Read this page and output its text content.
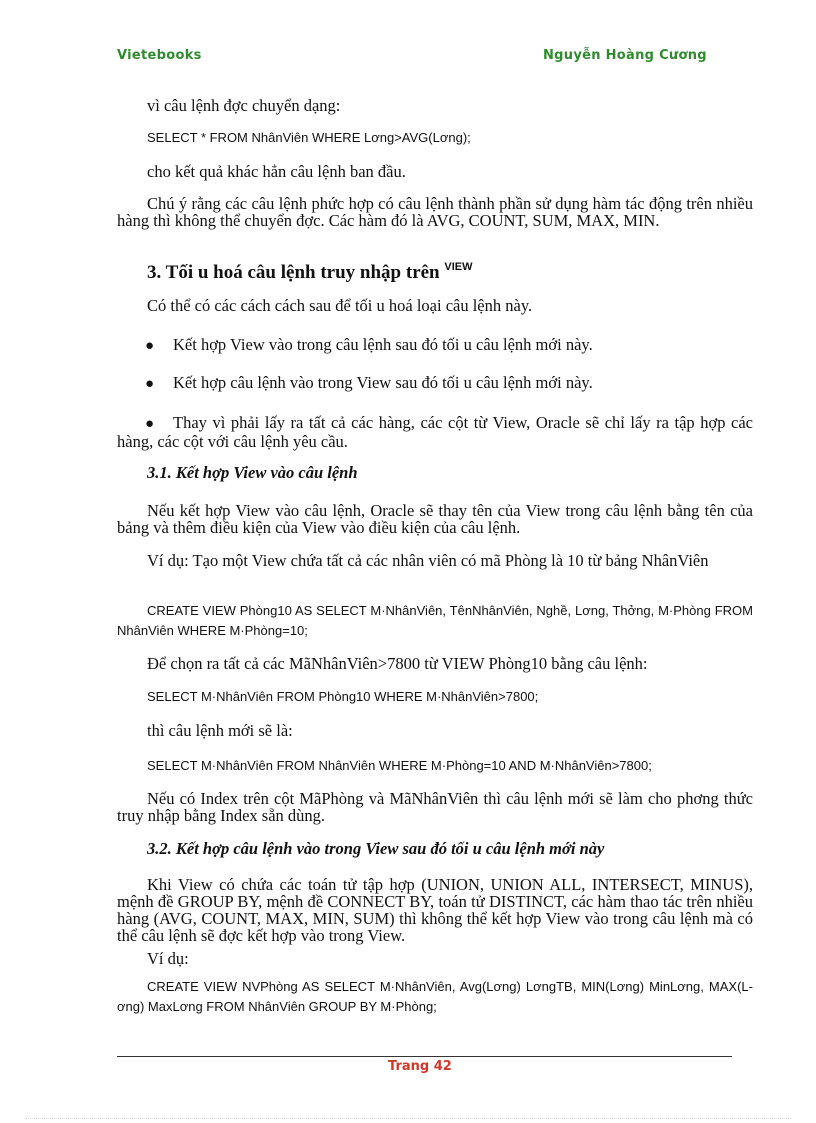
Vietebooks	Nguyễn Hoàng Cương
vì câu lệnh đợc chuyển dạng:
SELECT * FROM NhânViên WHERE Lơng>AVG(Lơng);
cho kết quả khác hẳn câu lệnh ban đầu.
Chú ý rằng các câu lệnh phức hợp có câu lệnh thành phần sử dụng hàm tác động trên nhiều hàng thì không thể chuyển đợc. Các hàm đó là AVG, COUNT, SUM, MAX, MIN.
3. Tối u hoá câu lệnh truy nhập trên $^{VIEW}$
Có thể có các cách cách sau để tối u hoá loại câu lệnh này.
● Kết hợp View vào trong câu lệnh sau đó tối u câu lệnh mới này.
● Kết hợp câu lệnh vào trong View sau đó tối u câu lệnh mới này.
● Thay vì phải lấy ra tất cả các hàng, các cột từ View, Oracle sẽ chỉ lấy ra tập hợp các hàng, các cột với câu lệnh yêu cầu.
3.1. Kết hợp View vào câu lệnh
Nếu kết hợp View vào câu lệnh, Oracle sẽ thay tên của View trong câu lệnh bằng tên của bảng và thêm điều kiện của View vào điều kiện của câu lệnh.
Ví dụ: Tạo một View chứa tất cả các nhân viên có mã Phòng là 10 từ bảng NhânViên
CREATE VIEW Phòng10 AS SELECT M·NhânViên, TênNhânViên, Nghề, Lơng, Thởng, M·Phòng FROM NhânViên WHERE M·Phòng=10;
Để chọn ra tất cả các MãNhânViên>7800 từ VIEW Phòng10 bằng câu lệnh:
SELECT M·NhânViên FROM Phòng10 WHERE M·NhânViên>7800;
thì câu lệnh mới sẽ là:
SELECT M·NhânViên FROM NhânViên WHERE M·Phòng=10 AND M·NhânViên>7800;
Nếu có Index trên cột MãPhòng và MãNhânViên thì câu lệnh mới sẽ làm cho phơng thức truy nhập bằng Index sẵn dùng.
3.2. Kết hợp câu lệnh vào trong View sau đó tối u câu lệnh mới này
Khi View có chứa các toán tử tập hợp (UNION, UNION ALL, INTERSECT, MINUS), mệnh đề GROUP BY, mệnh đề CONNECT BY, toán tử DISTINCT, các hàm thao tác trên nhiều hàng (AVG, COUNT, MAX, MIN, SUM) thì không thể kết hợp View vào trong câu lệnh mà có thể câu lệnh sẽ đợc kết hợp vào trong View.
Ví dụ:
CREATE VIEW NVPhòng AS SELECT M·NhânViên, Avg(Lơng) LơngTB, MIN(Lơng) MinLơng, MAX(Lơng) MaxLơng FROM NhânViên GROUP BY M·Phòng;
Trang 42
